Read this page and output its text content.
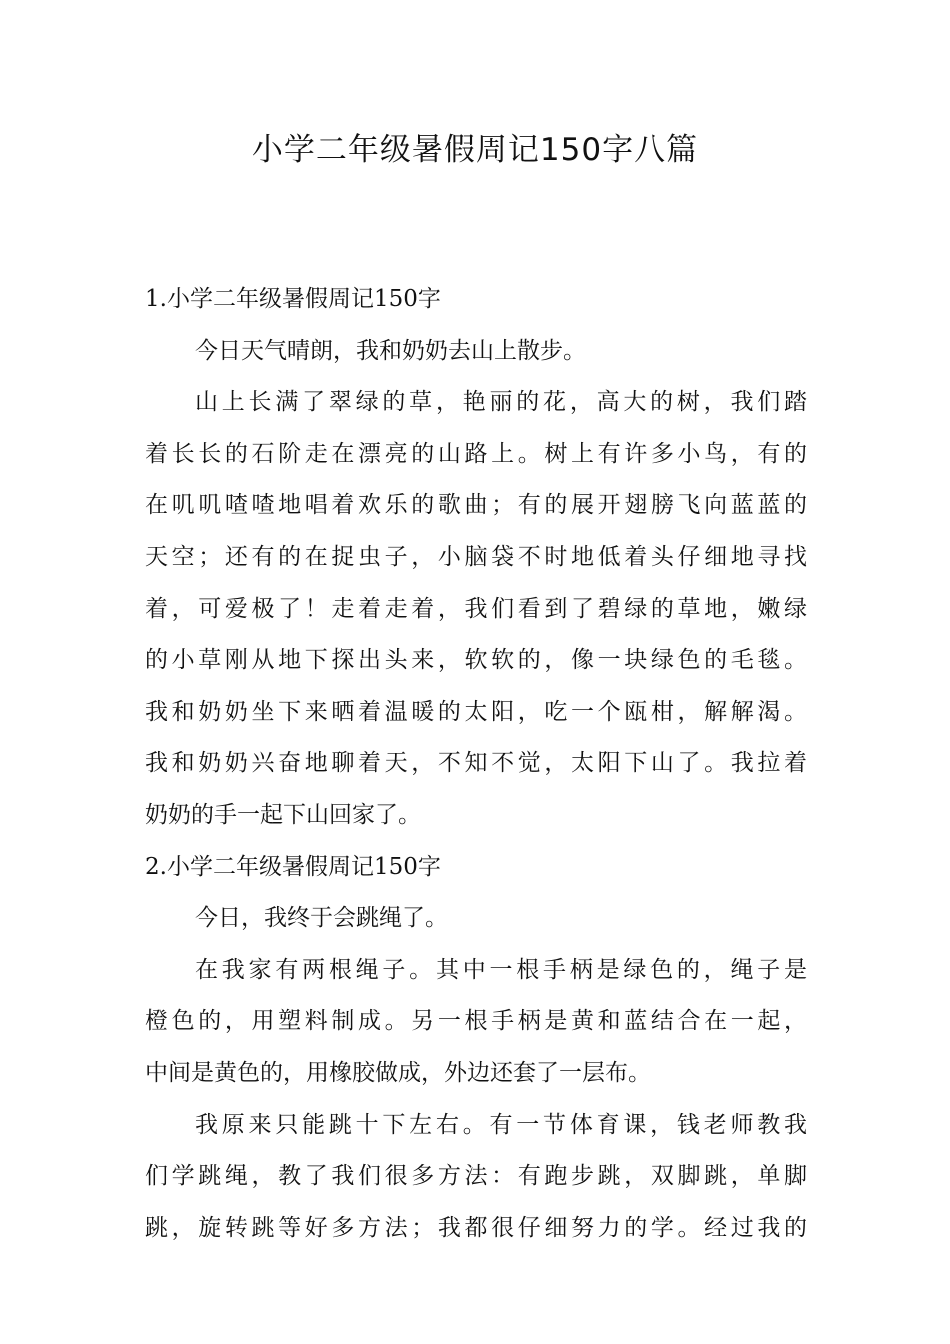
小学二年级暑假周记150字八篇

1.小学二年级暑假周记150字

今日天气晴朗，我和奶奶去山上散步。

山上长满了翠绿的草，艳丽的花，高大的树，我们踏

着长长的石阶走在漂亮的山路上。树上有许多小鸟，有的

在叽叽喳喳地唱着欢乐的歌曲；有的展开翅膀飞向蓝蓝的

天空；还有的在捉虫子，小脑袋不时地低着头仔细地寻找

着，可爱极了！走着走着，我们看到了碧绿的草地，嫩绿

的小草刚从地下探出头来，软软的，像一块绿色的毛毯。

我和奶奶坐下来晒着温暖的太阳，吃一个瓯柑，解解渴。

我和奶奶兴奋地聊着天，不知不觉，太阳下山了。我拉着

奶奶的手一起下山回家了。

2.小学二年级暑假周记150字

今日，我终于会跳绳了。

在我家有两根绳子。其中一根手柄是绿色的，绳子是

橙色的，用塑料制成。另一根手柄是黄和蓝结合在一起，

中间是黄色的，用橡胶做成，外边还套了一层布。

我原来只能跳十下左右。有一节体育课，钱老师教我

们学跳绳，教了我们很多方法：有跑步跳，双脚跳，单脚

跳，旋转跳等好多方法；我都很仔细努力的学。经过我的
